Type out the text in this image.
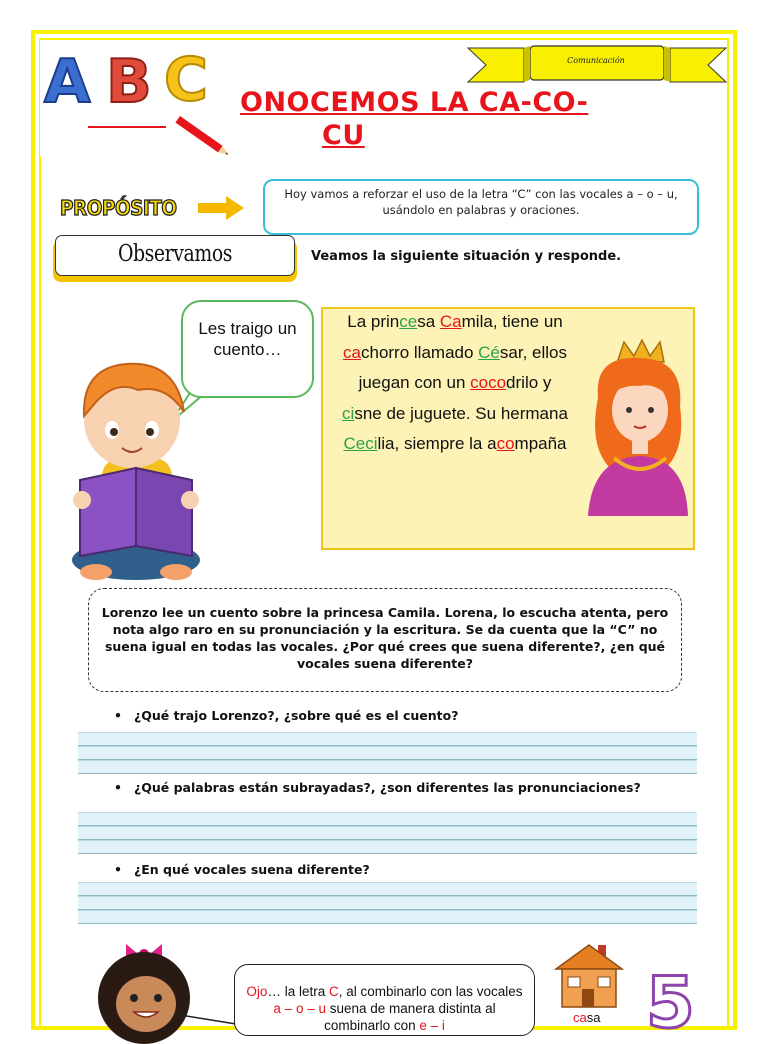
A B C ONOCEMOS LA CA-CO-
CU
Comunicación
PROPÓSITO
Hoy vamos a reforzar el uso de la letra “C” con las vocales a – o – u, usándolo en palabras y oraciones.
Observamos	Veamos la siguiente situación y responde.
Les traigo un cuento…

La princesa Camila, tiene un

cachorro llamado César, ellos

juegan con un cocodrilo y

cisne de juguete. Su hermana

Cecilia, siempre la acompaña

Lorenzo lee un cuento sobre la princesa Camila. Lorena, lo escucha atenta, pero nota algo raro en su pronunciación y la escritura. Se da cuenta que la “C” no suena igual en todas las vocales. ¿Por qué crees que suena diferente?, ¿en qué vocales suena diferente?
• ¿Qué trajo Lorenzo?, ¿sobre qué es el cuento?
• ¿Qué palabras están subrayadas?, ¿son diferentes las pronunciaciones?
• ¿En qué vocales suena diferente?
Ojo… la letra C, al combinarlo con las vocales a – o – u suena de manera distinta al combinarlo con e – i
casa 5
